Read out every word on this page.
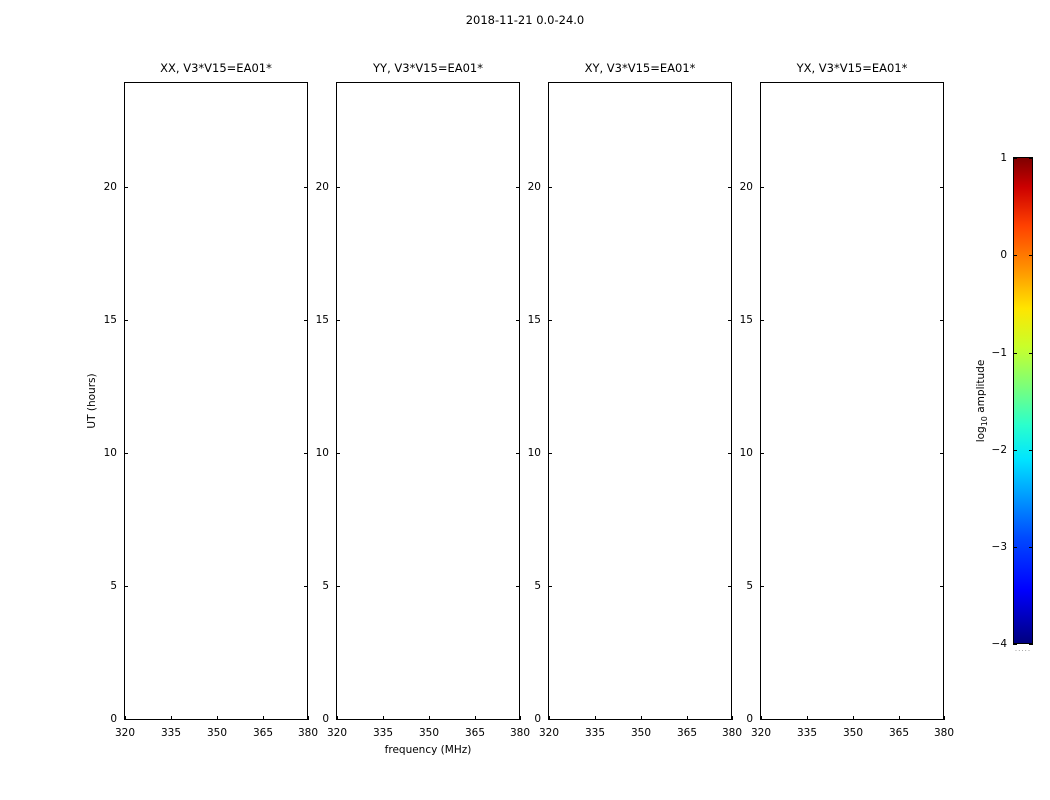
2018-11-21 0.0-24.0
XX, V3*V15=EA01*
320 335 350 365 380
0
5
10
15
20
YY, V3*V15=EA01*
320 335 350 365 380
0
5
10
15
20
XY, V3*V15=EA01*
320 335 350 365 380
0
5
10
15
20
YX, V3*V15=EA01*
320 335 350 365 380
0
5
10
15
20
UT (hours)
frequency (MHz)
1
0
−1
−2
−3
−4
$\log_{10}$ amplitude
.....
